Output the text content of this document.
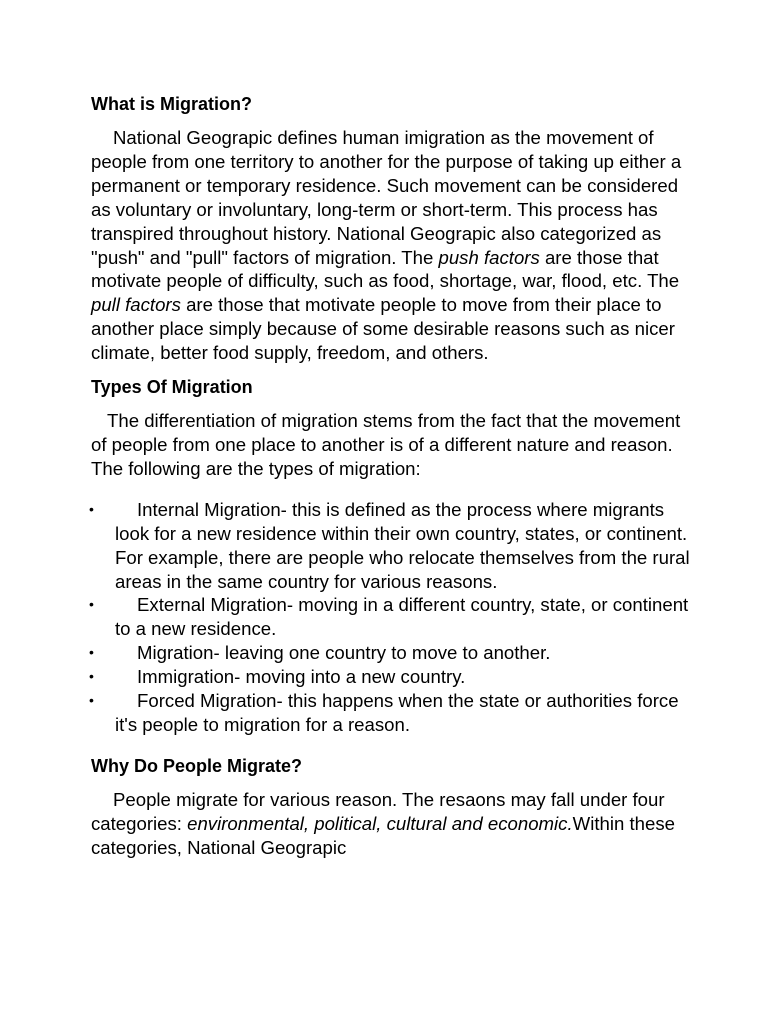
What is Migration?

National Geograpic defines human imigration as the movement of people from one territory to another for the purpose of taking up either a permanent or temporary residence. Such movement can be considered as voluntary or involuntary, long-term or short-term. This process has transpired throughout history. National Geograpic also categorized as "push" and "pull" factors of migration. The push factors are those that motivate people of difficulty, such as food, shortage, war, flood, etc. The pull factors are those that motivate people to move from their place to another place simply because of some desirable reasons such as nicer climate, better food supply, freedom, and others.

Types Of Migration

The differentiation of migration stems from the fact that the movement of people from one place to another is of a different nature and reason. The following are the types of migration:

•	Internal Migration- this is defined as the process where migrants look for a new residence within their own country, states, or continent. For example, there are people who relocate themselves from the rural areas in the same country for various reasons.
•	External Migration- moving in a different country, state, or continent to a new residence.
•	Migration- leaving one country to move to another.
•	Immigration- moving into a new country.
•	Forced Migration- this happens when the state or authorities force it's people to migration for a reason.
Why Do People Migrate?

People migrate for various reason. The resaons may fall under four categories: environmental, political, cultural and economic.Within these categories, National Geograpic
